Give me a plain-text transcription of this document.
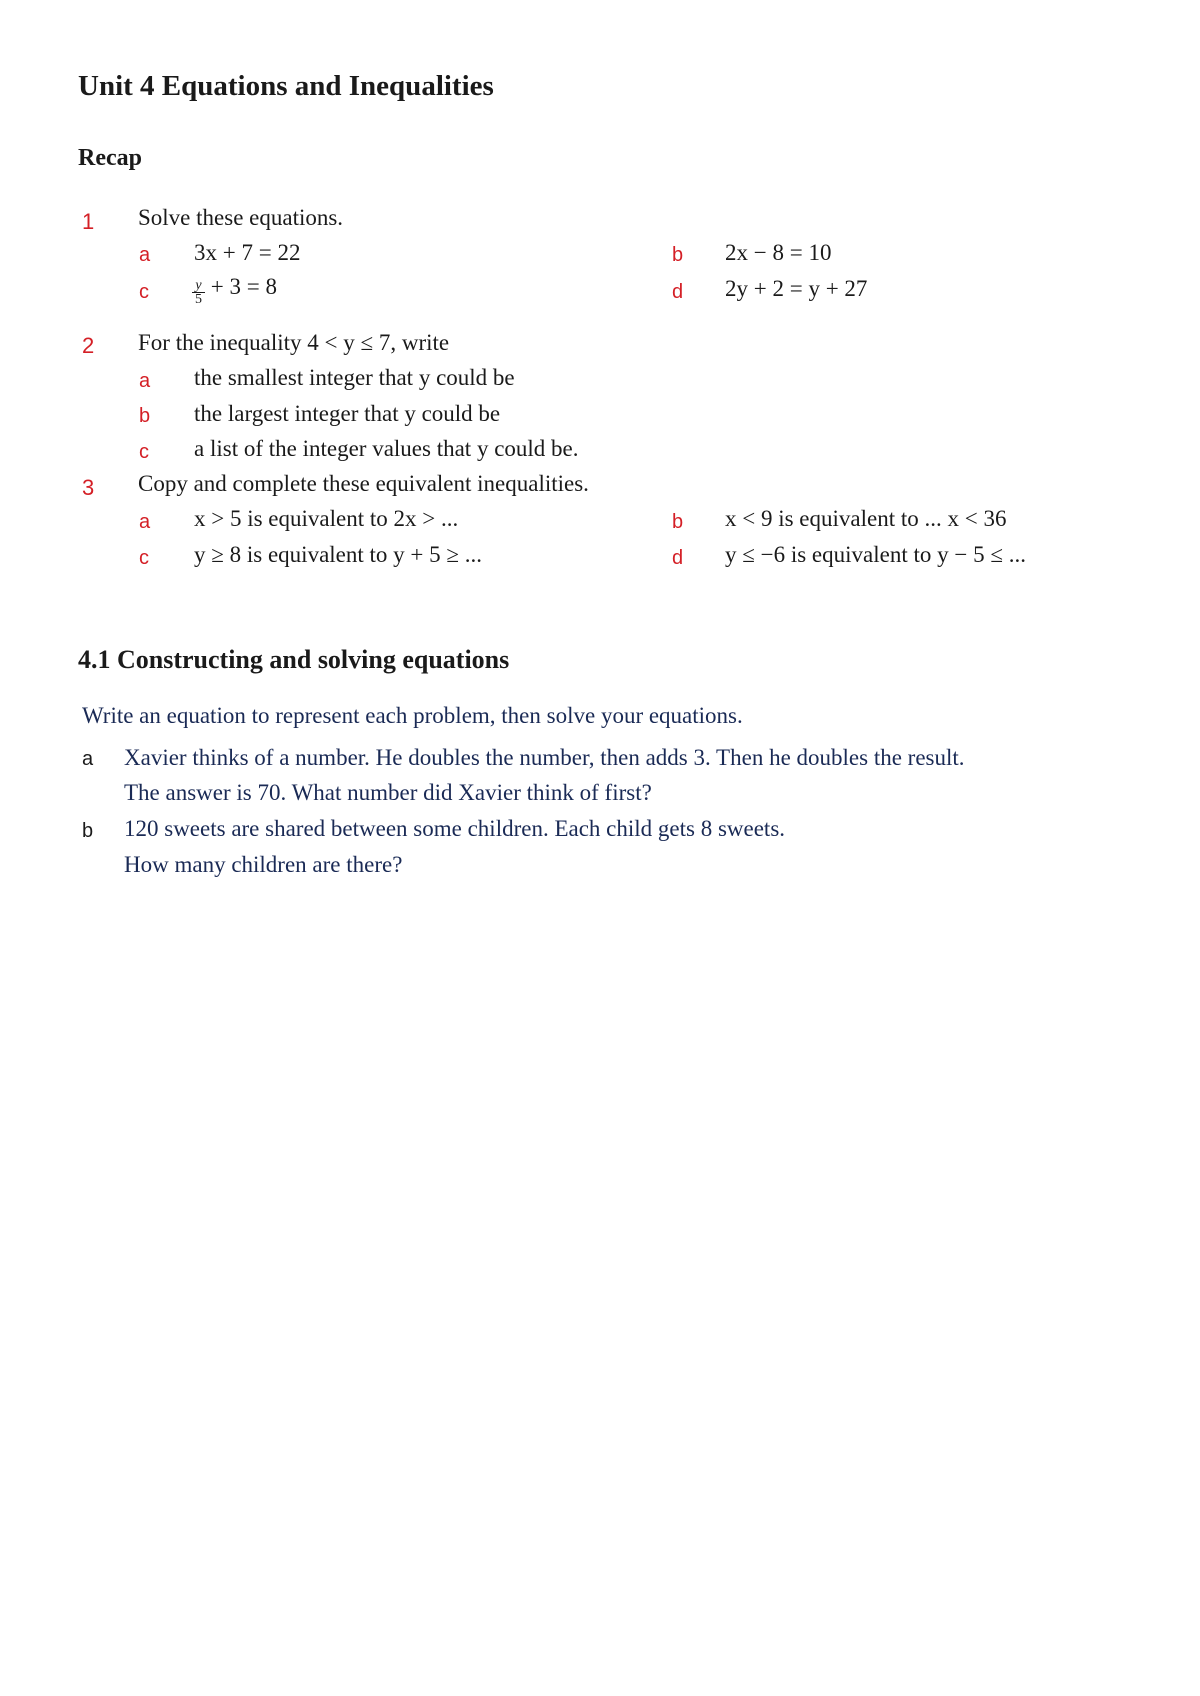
Unit 4 Equations and Inequalities
Recap
1 Solve these equations.
a 3x + 7 = 22	b 2x − 8 = 10
c	$\frac{y}{5} + 3 = 8$	d 2y + 2 = y + 27
2 For the inequality 4 < y ≤ 7, write
a the smallest integer that y could be
b the largest integer that y could be
c a list of the integer values that y could be.
3 Copy and complete these equivalent inequalities.
a x > 5 is equivalent to 2x > ...	b x < 9 is equivalent to ... x < 36
c y ≥ 8 is equivalent to y + 5 ≥ ...	d y ≤ −6 is equivalent to y − 5 ≤ ...
4.1 Constructing and solving equations
Write an equation to represent each problem, then solve your equations.
a Xavier thinks of a number. He doubles the number, then adds 3. Then he doubles the result.
The answer is 70. What number did Xavier think of first?
b 120 sweets are shared between some children. Each child gets 8 sweets.
How many children are there?
